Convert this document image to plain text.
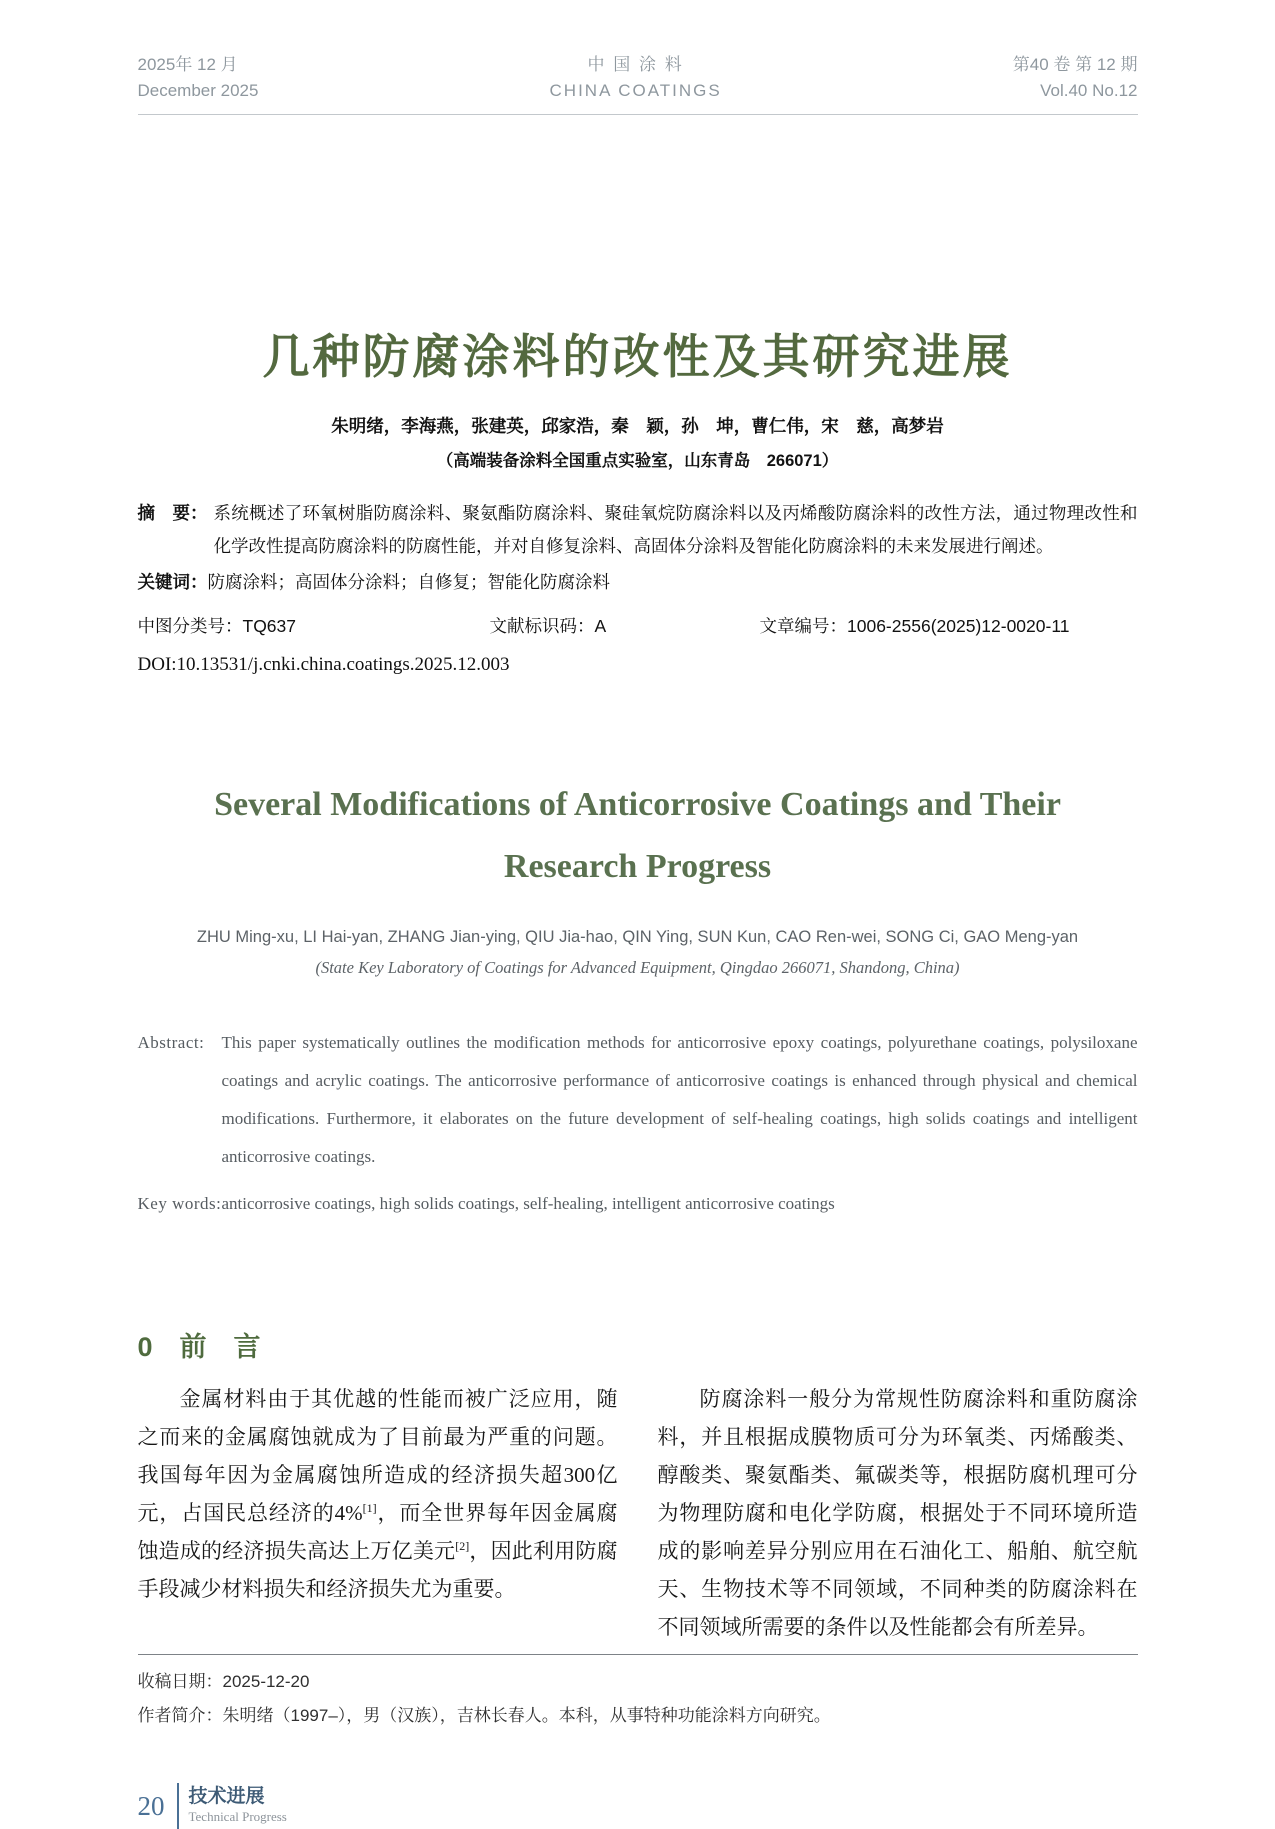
2025年 12 月
December 2025
中 国 涂 料
CHINA COATINGS
第40 卷 第 12 期
Vol.40 No.12
几种防腐涂料的改性及其研究进展
朱明绪，李海燕，张建英，邱家浩，秦　颖，孙　坤，曹仁伟，宋　慈，高梦岩
（高端装备涂料全国重点实验室，山东青岛　266071）
摘　要： 系统概述了环氧树脂防腐涂料、聚氨酯防腐涂料、聚硅氧烷防腐涂料以及丙烯酸防腐涂料的改性方法，通过物理改性和化学改性提高防腐涂料的防腐性能，并对自修复涂料、高固体分涂料及智能化防腐涂料的未来发展进行阐述。
关键词：防腐涂料；高固体分涂料；自修复；智能化防腐涂料
中图分类号：TQ637	文献标识码：A	文章编号：1006-2556(2025)12-0020-11
DOI:10.13531/j.cnki.china.coatings.2025.12.003
Several Modifications of Anticorrosive Coatings and Their
Research Progress
ZHU Ming-xu, LI Hai-yan, ZHANG Jian-ying, QIU Jia-hao, QIN Ying, SUN Kun, CAO Ren-wei, SONG Ci, GAO Meng-yan
(State Key Laboratory of Coatings for Advanced Equipment, Qingdao 266071, Shandong, China)
Abstract:	This paper systematically outlines the modification methods for anticorrosive epoxy coatings, polyurethane coatings, polysiloxane coatings and acrylic coatings. The anticorrosive performance of anticorrosive coatings is enhanced through physical and chemical modifications. Furthermore, it elaborates on the future development of self-healing coatings, high solids coatings and intelligent anticorrosive coatings.
Key words: anticorrosive coatings, high solids coatings, self-healing, intelligent anticorrosive coatings
0　前　言

金属材料由于其优越的性能而被广泛应用，随之而来的金属腐蚀就成为了目前最为严重的问题。我国每年因为金属腐蚀所造成的经济损失超300亿元，占国民总经济的4%[1]，而全世界每年因金属腐蚀造成的经济损失高达上万亿美元[2]，因此利用防腐手段减少材料损失和经济损失尤为重要。

防腐涂料一般分为常规性防腐涂料和重防腐涂料，并且根据成膜物质可分为环氧类、丙烯酸类、醇酸类、聚氨酯类、氟碳类等，根据防腐机理可分为物理防腐和电化学防腐，根据处于不同环境所造成的影响差异分别应用在石油化工、船舶、航空航天、生物技术等不同领域，不同种类的防腐涂料在不同领域所需要的条件以及性能都会有所差异。

收稿日期：2025-12-20
作者简介：朱明绪（1997–），男（汉族），吉林长春人。本科，从事特种功能涂料方向研究。
20	技术进展
Technical Progress
